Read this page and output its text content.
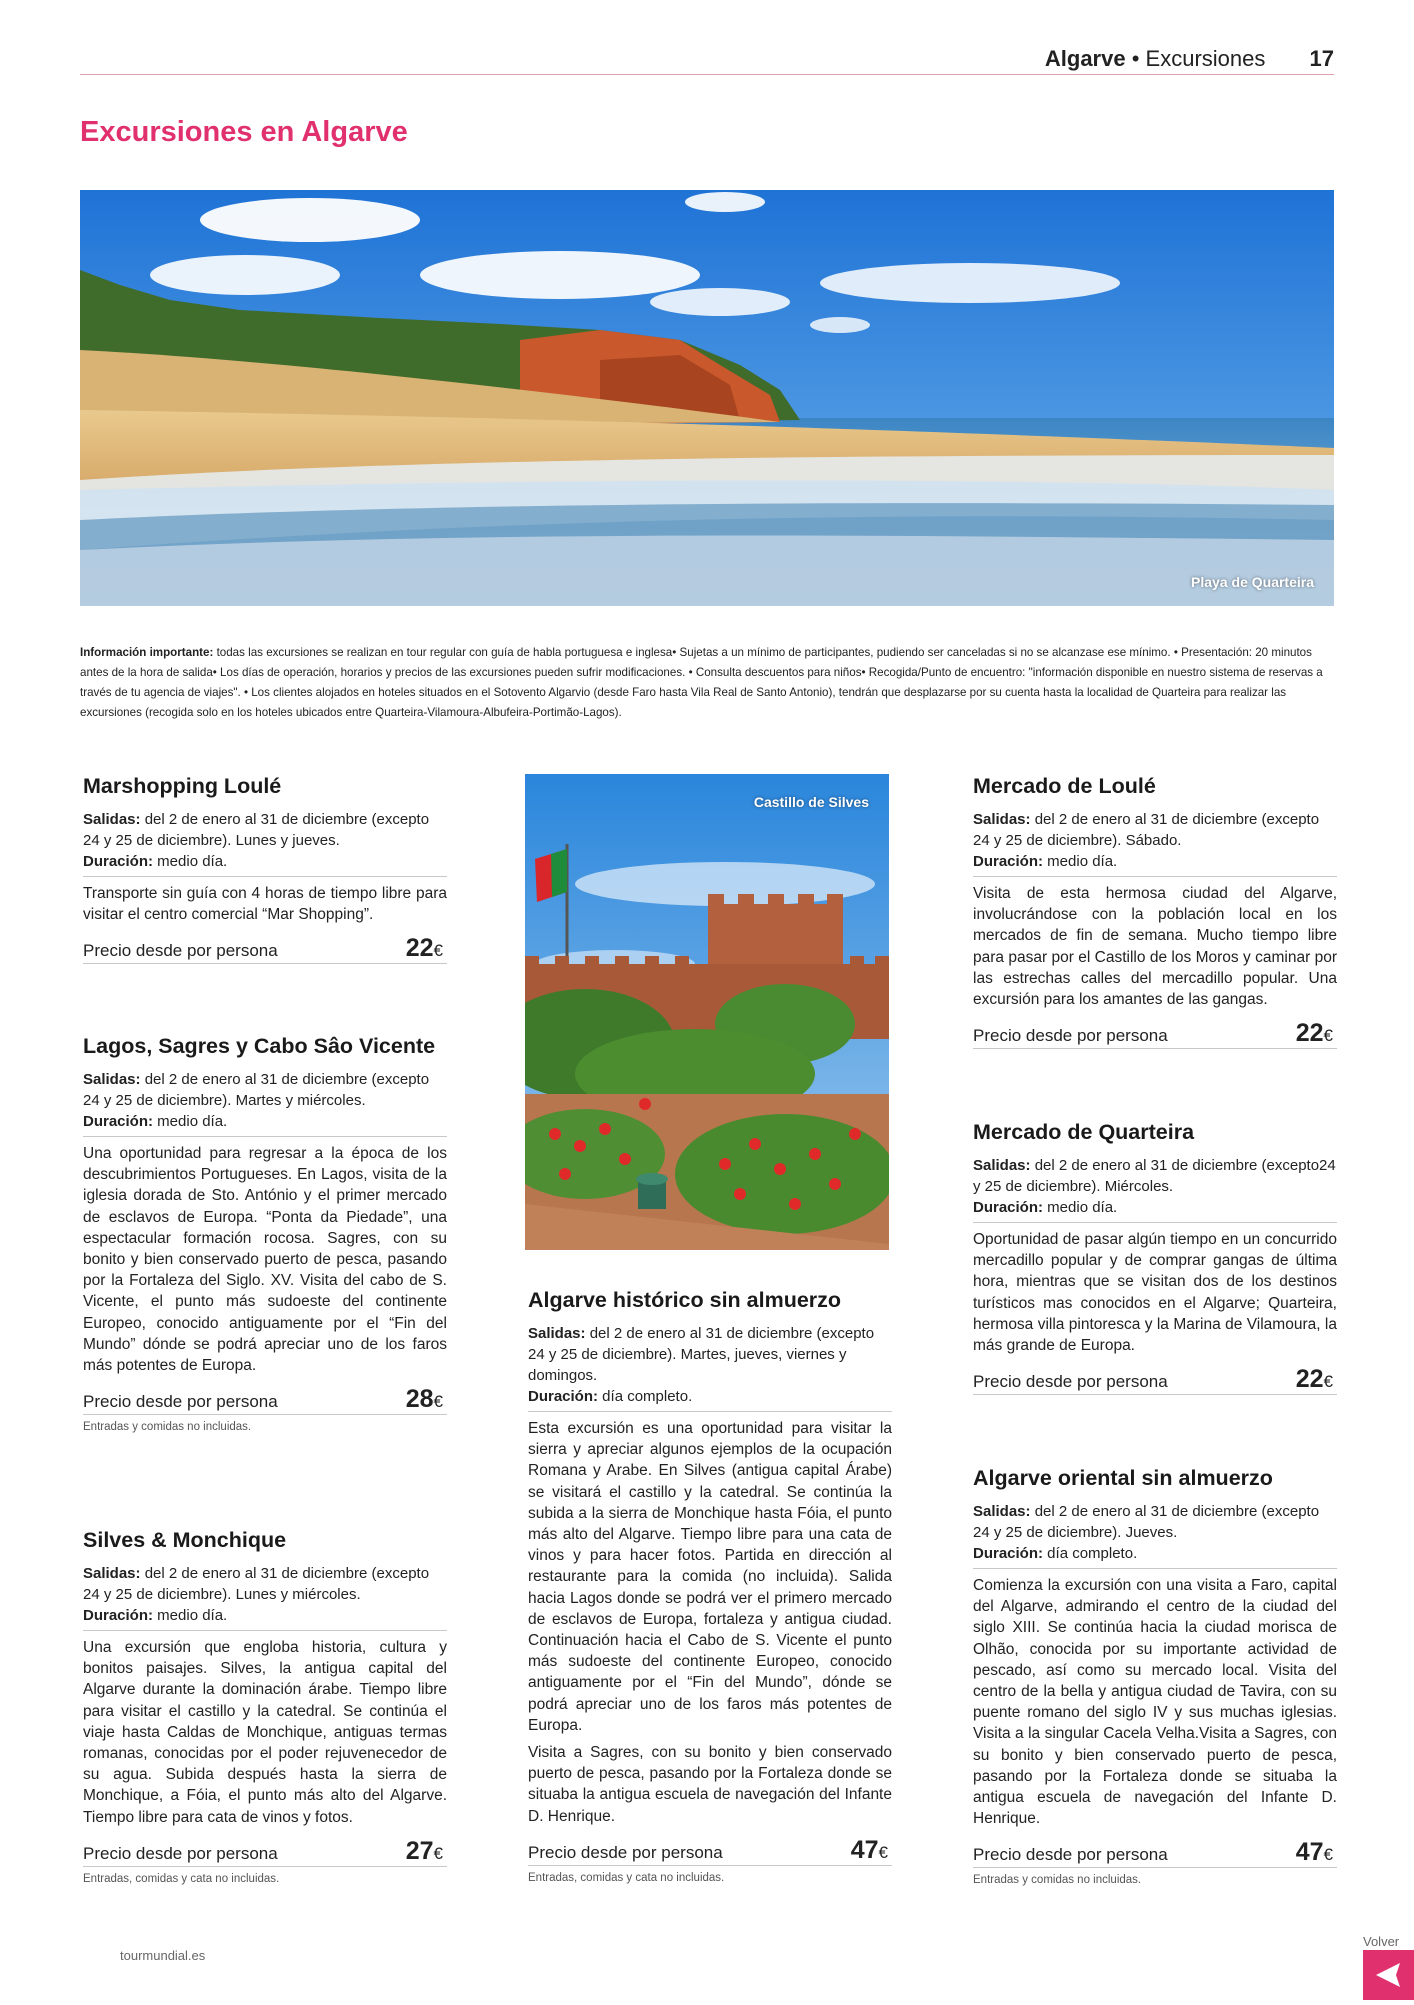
Algarve • Excursiones 17
Excursiones en Algarve
Playa de Quarteira
Información importante: todas las excursiones se realizan en tour regular con guía de habla portuguesa e inglesa• Sujetas a un mínimo de participantes, pudiendo ser canceladas si no se alcanzase ese mínimo. • Presentación: 20 minutos antes de la hora de salida• Los días de operación, horarios y precios de las excursiones pueden sufrir modificaciones. • Consulta descuentos para niños• Recogida/Punto de encuentro: "información disponible en nuestro sistema de reservas a través de tu agencia de viajes". • Los clientes alojados en hoteles situados en el Sotovento Algarvio (desde Faro hasta Vila Real de Santo Antonio), tendrán que desplazarse por su cuenta hasta la localidad de Quarteira para realizar las excursiones (recogida solo en los hoteles ubicados entre Quarteira-Vilamoura-Albufeira-Portimão-Lagos).
Marshopping Loulé
Salidas: del 2 de enero al 31 de diciembre (excepto 24 y 25 de diciembre). Lunes y jueves.
Duración: medio día.
Transporte sin guía con 4 horas de tiempo libre para visitar el centro comercial “Mar Shopping”.
Precio desde por persona	22€
Lagos, Sagres y Cabo Sâo Vicente
Salidas: del 2 de enero al 31 de diciembre (excepto 24 y 25 de diciembre). Martes y miércoles.
Duración: medio día.
Una oportunidad para regresar a la época de los descubrimientos Portugueses. En Lagos, visita de la iglesia dorada de Sto. António y el primer mercado de esclavos de Europa. “Ponta da Piedade”, una espectacular formación rocosa. Sagres, con su bonito y bien conservado puerto de pesca, pasando por la Fortaleza del Siglo. XV. Visita del cabo de S. Vicente, el punto más sudoeste del continente Europeo, conocido antiguamente por el “Fin del Mundo” dónde se podrá apreciar uno de los faros más potentes de Europa.
Precio desde por persona	28€
Entradas y comidas no incluidas.
Silves & Monchique
Salidas: del 2 de enero al 31 de diciembre (excepto 24 y 25 de diciembre). Lunes y miércoles.
Duración: medio día.
Una excursión que engloba historia, cultura y bonitos paisajes. Silves, la antigua capital del Algarve durante la dominación árabe. Tiempo libre para visitar el castillo y la catedral. Se continúa el viaje hasta Caldas de Monchique, antiguas termas romanas, conocidas por el poder rejuvenecedor de su agua. Subida después hasta la sierra de Monchique, a Fóia, el punto más alto del Algarve. Tiempo libre para cata de vinos y fotos.
Precio desde por persona	27€
Entradas, comidas y cata no incluidas.
Castillo de Silves
Algarve histórico sin almuerzo
Salidas: del 2 de enero al 31 de diciembre (excepto 24 y 25 de diciembre). Martes, jueves, viernes y domingos.
Duración: día completo.

Esta excursión es una oportunidad para visitar la sierra y apreciar algunos ejemplos de la ocupación Romana y Arabe. En Silves (antigua capital Árabe) se visitará el castillo y la catedral. Se continúa la subida a la sierra de Monchique hasta Fóia, el punto más alto del Algarve. Tiempo libre para una cata de vinos y para hacer fotos. Partida en dirección al restaurante para la comida (no incluida). Salida hacia Lagos donde se podrá ver el primero mercado de esclavos de Europa, fortaleza y antigua ciudad. Continuación hacia el Cabo de S. Vicente el punto más sudoeste del continente Europeo, conocido antiguamente por el “Fin del Mundo”, dónde se podrá apreciar uno de los faros más potentes de Europa.

Visita a Sagres, con su bonito y bien conservado puerto de pesca, pasando por la Fortaleza donde se situaba la antigua escuela de navegación del Infante D. Henrique.

Precio desde por persona	47€
Entradas, comidas y cata no incluidas.
Mercado de Loulé
Salidas: del 2 de enero al 31 de diciembre (excepto 24 y 25 de diciembre). Sábado.
Duración: medio día.
Visita de esta hermosa ciudad del Algarve, involucrándose con la población local en los mercados de fin de semana. Mucho tiempo libre para pasar por el Castillo de los Moros y caminar por las estrechas calles del mercadillo popular. Una excursión para los amantes de las gangas.
Precio desde por persona	22€
Mercado de Quarteira
Salidas: del 2 de enero al 31 de diciembre (excepto24 y 25 de diciembre). Miércoles.
Duración: medio día.
Oportunidad de pasar algún tiempo en un concurrido mercadillo popular y de comprar gangas de última hora, mientras que se visitan dos de los destinos turísticos mas conocidos en el Algarve; Quarteira, hermosa villa pintoresca y la Marina de Vilamoura, la más grande de Europa.
Precio desde por persona	22€
Algarve oriental sin almuerzo
Salidas: del 2 de enero al 31 de diciembre (excepto 24 y 25 de diciembre). Jueves.
Duración: día completo.
Comienza la excursión con una visita a Faro, capital del Algarve, admirando el centro de la ciudad del siglo XIII. Se continúa hacia la ciudad morisca de Olhão, conocida por su importante actividad de pescado, así como su mercado local. Visita del centro de la bella y antigua ciudad de Tavira, con su puente romano del siglo IV y sus muchas iglesias. Visita a la singular Cacela Velha.Visita a Sagres, con su bonito y bien conservado puerto de pesca, pasando por la Fortaleza donde se situaba la antigua escuela de navegación del Infante D. Henrique.
Precio desde por persona	47€
Entradas y comidas no incluidas.
tourmundial.es
Volver
